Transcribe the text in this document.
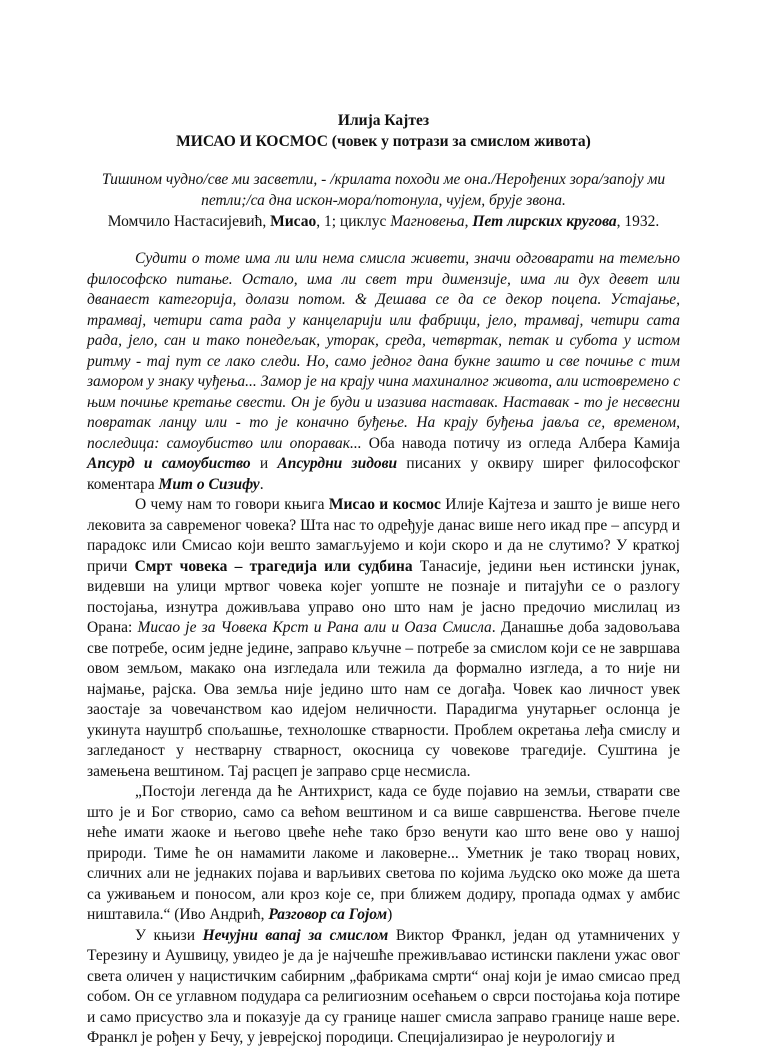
Илија Кајтез
МИСАО И КОСМОС (човек у потрази за смислом живота)
Тишином чудно/све ми засветли, - /крилата походи ме она./Нерођених зора/запоју ми петли;/са дна искон-мора/потонула, чујем, брује звона.
Момчило Настасијевић, Мисао, 1; циклус Магновења, Пет лирских кругова, 1932.

Судити о томе има ли или нема смисла живети, значи одговарати на темељно философско питање. Остало, има ли свет три димензије, има ли дух девет или дванаест категорија, долази потом. & Дешава се да се декор поцепа. Устајање, трамвај, четири сата рада у канцеларији или фабрици, јело, трамвај, четири сата рада, јело, сан и тако понедељак, уторак, среда, четвртак, петак и субота у истом ритму - тај пут се лако следи. Но, само једног дана букне зашто и све почиње с тим замором у знаку чуђења... Замор је на крају чина махиналног живота, али истовремено с њим почиње кретање свести. Он је буди и изазива наставак. Наставак - то је несвесни повратак ланцу или - то је коначно буђење. На крају буђења јавља се, временом, последица: самоубиство или опоравак... Оба навода потичу из огледа Албера Камија Апсурд и самоубиство и Апсурдни зидови писаних у оквиру ширег философског коментара Мит о Сизифу.

О чему нам то говори књига Мисао и космос Илије Кајтеза и зашто је више него лековита за савременог човека? Шта нас то одређује данас више него икад пре – апсурд и парадокс или Смисао који вешто замагљујемо и који скоро и да не слутимо? У краткој причи Смрт човека – трагедија или судбина Танасије, једини њен истински јунак, видевши на улици мртвог човека којег уопште не познаје и питајући се о разлогу постојања, изнутра доживљава управо оно што нам је јасно предочио мислилац из Орана: Мисао је за Човека Крст и Рана али и Оаза Смисла. Данашње доба задовољава све потребе, осим једне једине, заправо кључне – потребе за смислом који се не завршава овом земљом, макако она изгледала или тежила да формално изгледа, а то није ни најмање, рајска. Ова земља није једино што нам се догађа. Човек као личност увек заостаје за човечанством као идејом неличности. Парадигма унутарњег ослонца је укинута науштрб спољашње, технолошке стварности. Проблем окретања леђа смислу и загледаност у нестварну стварност, окосница су човекове трагедије. Суштина је замењена вештином. Тај расцеп је заправо срце несмисла.

„Постоји легенда да ће Антихрист, када се буде појавио на земљи, стварати све што је и Бог створио, само са већом вештином и са више савршенства. Његове пчеле неће имати жаоке и његово цвеће неће тако брзо венути као што вене ово у нашој природи. Тиме ће он намамити лакоме и лаковерне... Уметник је тако творац нових, сличних али не једнаких појава и варљивих светова по којима људско око може да шета са уживањем и поносом, али кроз које се, при ближем додиру, пропада одмах у амбис ништавила.“ (Иво Андрић, Разговор са Гојом)

У књизи Нечујни вапај за смислом Виктор Франкл, један од утамничених у Терезину и Аушвицу, увидео је да је најчешће преживљавао истински паклени ужас овог света оличен у нацистичким сабирним „фабрикама смрти“ онај који је имао смисао пред собом. Он се углавном подудара са религиозним осећањем о сврси постојања која потире и само присуство зла и показује да су границе нашег смисла заправо границе наше вере. Франкл је рођен у Бечу, у јеврејској породици. Специјализирао је неурологију и
